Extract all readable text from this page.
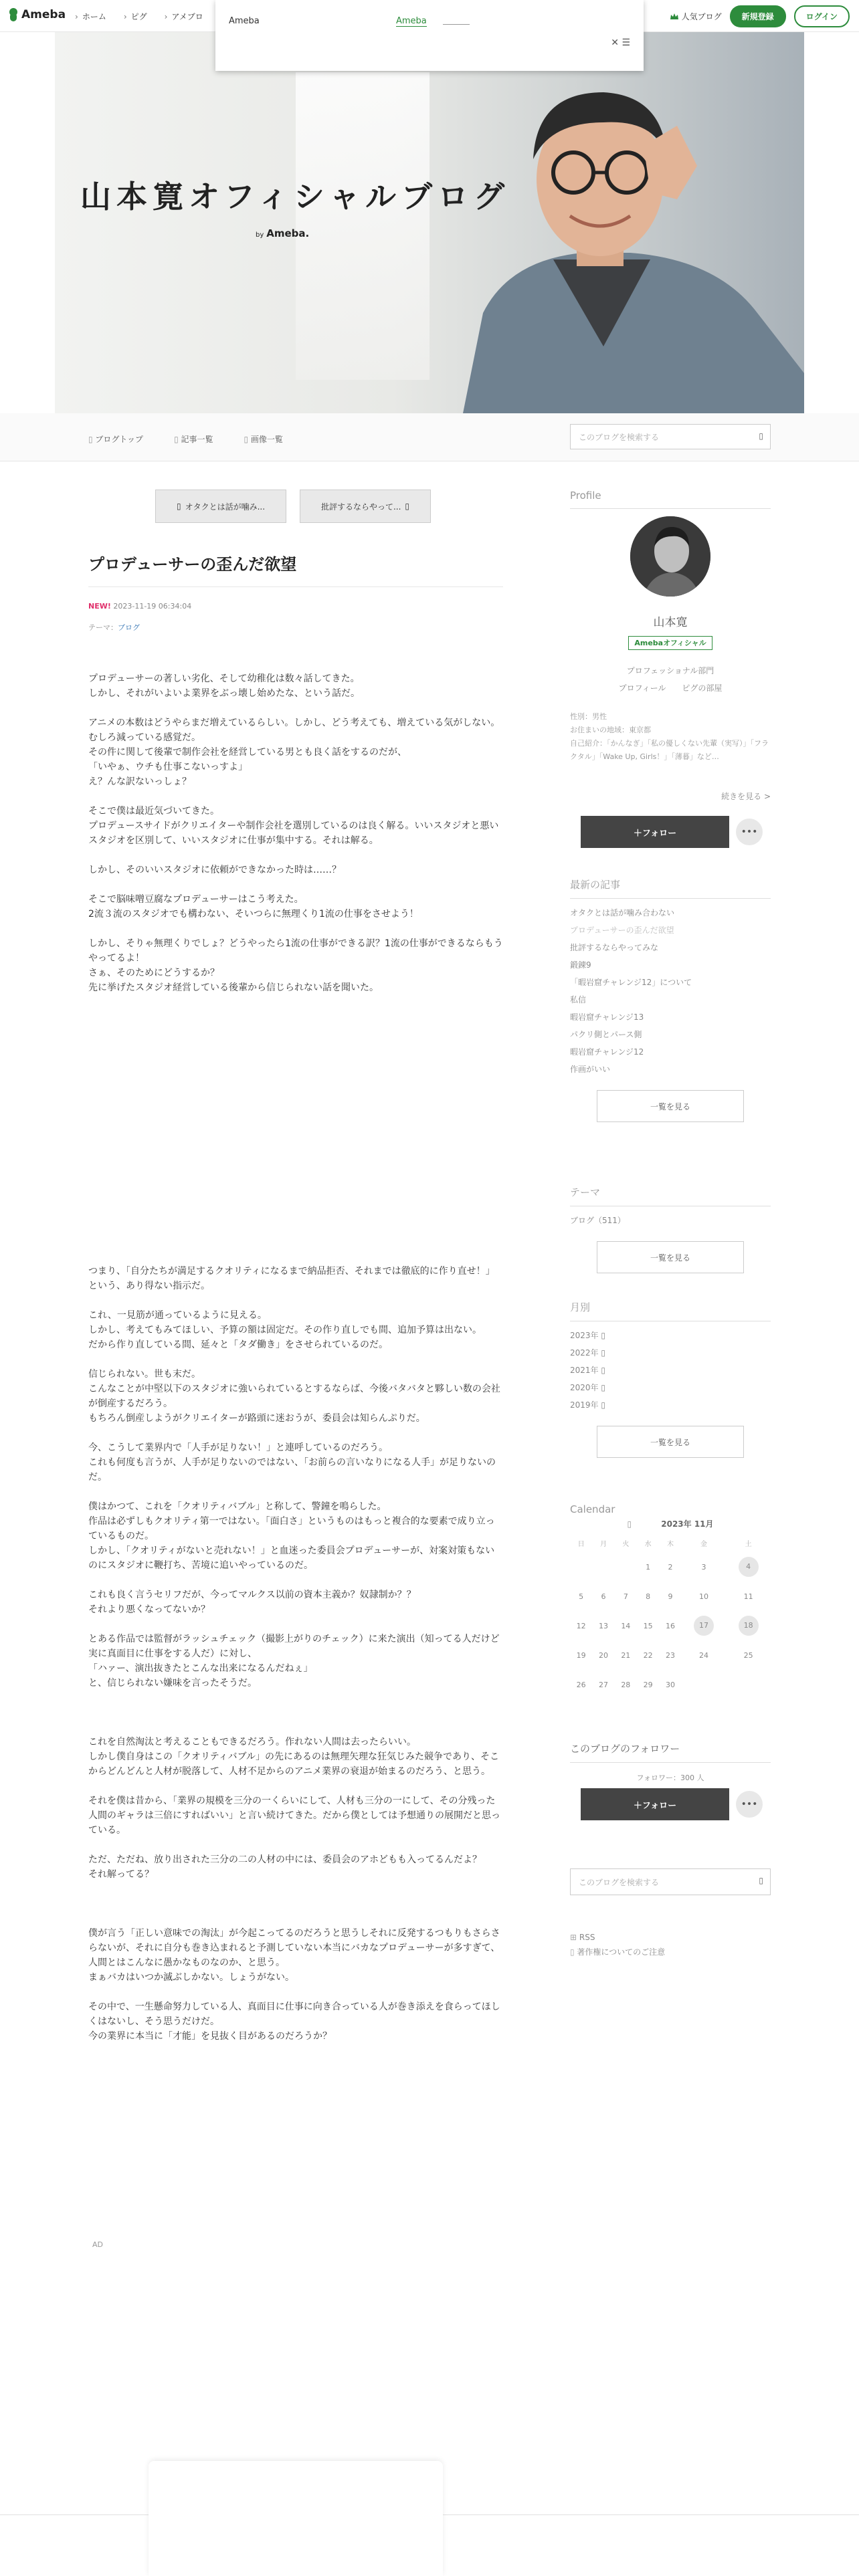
Ameba	› ホーム	› ピグ	› アメブロ	人気ブログ	新規登録	ログイン
Ameba	Ameba
✕ ☰
山本寛オフィシャルブログ
by Ameba.
▯ ブログトップ	▯ 記事一覧	▯ 画像一覧	このブログを検索する	▯
▯ オタクとは話が噛み...	批評するならやって... ▯
プロデューサーの歪んだ欲望
NEW! 2023-11-19 06:34:04
テーマ：ブログ

プロデューサーの著しい劣化、そして幼稚化は数々話してきた。
しかし、それがいよいよ業界をぶっ壊し始めたな、という話だ。

アニメの本数はどうやらまだ増えているらしい。しかし、どう考えても、増えている気がしない。むしろ減っている感覚だ。
その件に関して後輩で制作会社を経営している男とも良く話をするのだが、
「いやぁ、ウチも仕事こないっすよ」
え？んな訳ないっしょ？

そこで僕は最近気づいてきた。
プロデュースサイドがクリエイターや制作会社を選別しているのは良く解る。いいスタジオと悪いスタジオを区別して、いいスタジオに仕事が集中する。それは解る。

しかし、そのいいスタジオに依頼ができなかった時は……？

そこで脳味噌豆腐なプロデューサーはこう考えた。
2流３流のスタジオでも構わない、そいつらに無理くり1流の仕事をさせよう！

しかし、そりゃ無理くりでしょ？どうやったら1流の仕事ができる訳？1流の仕事ができるならもうやってるよ！
さぁ、そのためにどうするか？
先に挙げたスタジオ経営している後輩から信じられない話を聞いた。

つまり、「自分たちが満足するクオリティになるまで納品拒否、それまでは徹底的に作り直せ！」という、あり得ない指示だ。

これ、一見筋が通っているように見える。
しかし、考えてもみてほしい、予算の額は固定だ。その作り直しでも間、追加予算は出ない。
だから作り直している間、延々と「タダ働き」をさせられているのだ。

信じられない。世も末だ。
こんなことが中堅以下のスタジオに強いられているとするならば、今後バタバタと夥しい数の会社が倒産するだろう。
もちろん倒産しようがクリエイターが路頭に迷おうが、委員会は知らんぷりだ。

今、こうして業界内で「人手が足りない！」と連呼しているのだろう。
これも何度も言うが、人手が足りないのではない、「お前らの言いなりになる人手」が足りないのだ。

僕はかつて、これを「クオリティバブル」と称して、警鐘を鳴らした。
作品は必ずしもクオリティ第一ではない。「面白さ」というものはもっと複合的な要素で成り立っているものだ。
しかし、「クオリティがないと売れない！」と血迷った委員会プロデューサーが、対案対策もないのにスタジオに鞭打ち、苦境に追いやっているのだ。

これも良く言うセリフだが、今ってマルクス以前の資本主義か？奴隷制か？？
それより悪くなってないか？

とある作品では監督がラッシュチェック（撮影上がりのチェック）に来た演出（知ってる人だけど実に真面目に仕事をする人だ）に対し、
「ハァー、演出抜きたとこんな出来になるんだねぇ」
と、信じられない嫌味を言ったそうだ。

これを自然淘汰と考えることもできるだろう。作れない人間は去ったらいい。
しかし僕自身はこの「クオリティバブル」の先にあるのは無理矢理な狂気じみた競争であり、そこからどんどんと人材が脱落して、人材不足からのアニメ業界の衰退が始まるのだろう、と思う。

それを僕は昔から、「業界の規模を三分の一くらいにして、人材も三分の一にして、その分残った人間のギャラは三倍にすればいい」と言い続けてきた。だから僕としては予想通りの展開だと思っている。

ただ、ただね、放り出された三分の二の人材の中には、委員会のアホどもも入ってるんだよ？
それ解ってる？

僕が言う「正しい意味での淘汰」が今起こってるのだろうと思うしそれに反発するつもりもさらさらないが、それに自分も巻き込まれると予測していない本当にバカなプロデューサーが多すぎて、人間とはこんなに愚かなものなのか、と思う。
まぁバカはいつか滅ぶしかない。しょうがない。

その中で、一生懸命努力している人、真面目に仕事に向き合っている人が巻き添えを食らってほしくはないし、そう思うだけだ。
今の業界に本当に「才能」を見抜く目があるのだろうか？

AD

Profile

山本寛
Amebaオフィシャル
プロフェッショナル部門
プロフィール ピグの部屋
性別：男性
お住まいの地域：東京都
自己紹介：「かんなぎ」「私の優しくない先輩（実写）」「フラクタル」「Wake Up, Girls！」「薄暮」など…
続きを見る >
＋フォロー	•••

最新の記事

オタクとは話が噛み合わない
プロデューサーの歪んだ欲望
批評するならやってみな
鍛錬9
「暇岩窟チャレンジ12」について
私信
暇岩窟チャレンジ13
パクリ側とパース側
暇岩窟チャレンジ12
作画がいい
一覧を見る

テーマ

ブログ（511）
一覧を見る

月別

2023年 ▯
2022年 ▯
2021年 ▯
2020年 ▯
2019年 ▯
一覧を見る

Calendar

▯	2023年 11月
日	月	火	水	木	金	土
			1	2	3	4
5	6	7	8	9	10	11
12	13	14	15	16	17	18
19	20	21	22	23	24	25
26	27	28	29	30		

このブログのフォロワー

フォロワー：300 人
＋フォロー	•••
このブログを検索する	▯
⊞ RSS
▯ 著作権についてのご注意
